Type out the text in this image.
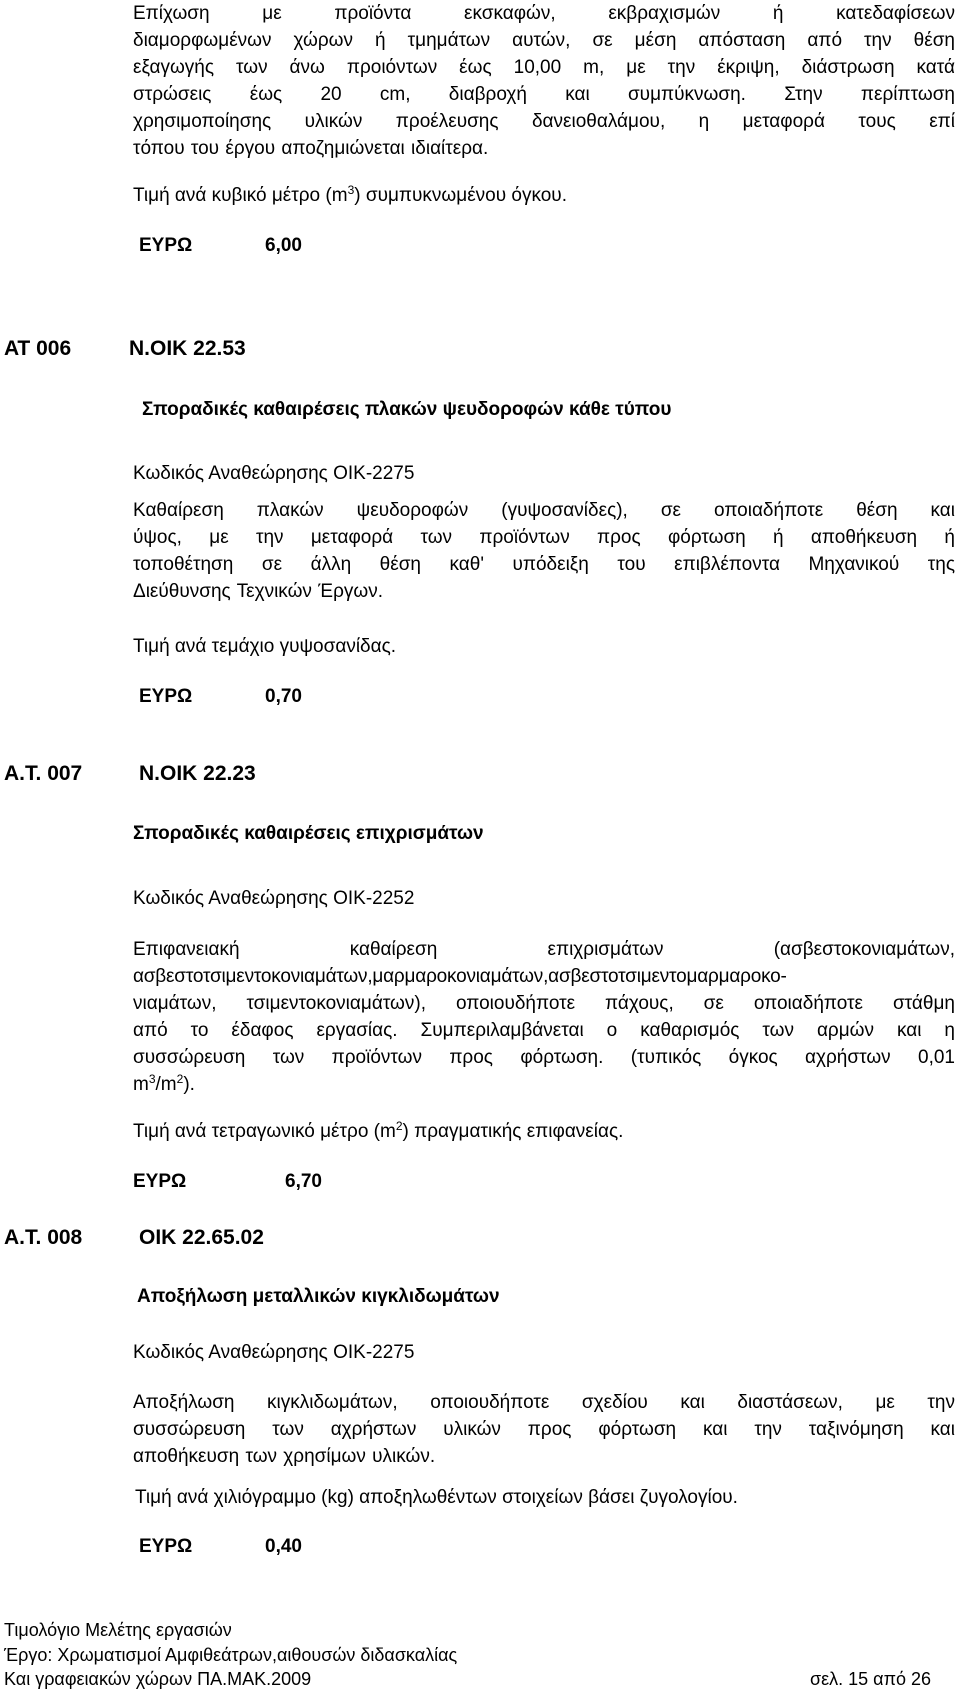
Επίχωση με προϊόντα εκσκαφών, εκβραχισμών ή κατεδαφίσεων
διαμορφωμένων χώρων ή τμημάτων αυτών, σε μέση απόσταση από την θέση
εξαγωγής των άνω προιόντων έως 10,00 m, με την έκριψη, διάστρωση κατά
στρώσεις έως 20 cm, διαβροχή και συμπύκνωση. Στην περίπτωση
χρησιμοποίησης υλικών προέλευσης δανειοθαλάμου, η μεταφορά τους επί
τόπου του έργου αποζημιώνεται ιδιαίτερα.

Τιμή ανά κυβικό μέτρο $(m^3)$ συμπυκνωμένου όγκου.

ΕΥΡΩ	6,00

ΑΤ 006	Ν.ΟΙΚ 22.53

Σποραδικές καθαιρέσεις πλακών ψευδοροφών κάθε τύπου

Κωδικός Αναθεώρησης ΟΙΚ-2275

Καθαίρεση πλακών ψευδοροφών (γυψοσανίδες), σε οποιαδήποτε θέση και
ύψος, με την μεταφορά των προϊόντων προς φόρτωση ή αποθήκευση ή
τοποθέτηση σε άλλη θέση καθ' υπόδειξη του επιβλέποντα Μηχανικού της
Διεύθυνσης Τεχνικών Έργων.

Τιμή ανά τεμάχιο γυψοσανίδας.

ΕΥΡΩ	0,70

Α.Τ. 007	Ν.ΟΙΚ 22.23

Σποραδικές καθαιρέσεις επιχρισμάτων

Κωδικός Αναθεώρησης ΟΙΚ-2252

Επιφανειακή καθαίρεση επιχρισμάτων (ασβεστοκονιαμάτων,
ασβεστοτσιμεντοκονιαμάτων,μαρμαροκονιαμάτων,ασβεστοτσιμεντομαρμαροκο-
νιαμάτων, τσιμεντοκονιαμάτων), οποιουδήποτε πάχους, σε οποιαδήποτε στάθμη
από το έδαφος εργασίας. Συμπεριλαμβάνεται ο καθαρισμός των αρμών και η
συσσώρευση των προϊόντων προς φόρτωση. (τυπικός όγκος αχρήστων 0,01
$m^3/m^2$).

Τιμή ανά τετραγωνικό μέτρο $(m^2)$ πραγματικής επιφανείας.

ΕΥΡΩ	6,70

Α.Τ. 008	ΟΙΚ 22.65.02

Αποξήλωση μεταλλικών κιγκλιδωμάτων

Κωδικός Αναθεώρησης ΟΙΚ-2275

Αποξήλωση κιγκλιδωμάτων, οποιουδήποτε σχεδίου και διαστάσεων, με την
συσσώρευση των αχρήστων υλικών προς φόρτωση και την ταξινόμηση και
αποθήκευση των χρησίμων υλικών.

Τιμή ανά χιλιόγραμμο (kg) αποξηλωθέντων στοιχείων βάσει ζυγολογίου.

ΕΥΡΩ	0,40

Τιμολόγιο Μελέτης εργασιών

Έργο: Χρωματισμοί Αμφιθεάτρων,αιθουσών διδασκαλίας

Και γραφειακών χώρων ΠΑ.ΜΑΚ.2009	σελ. 15 από 26
